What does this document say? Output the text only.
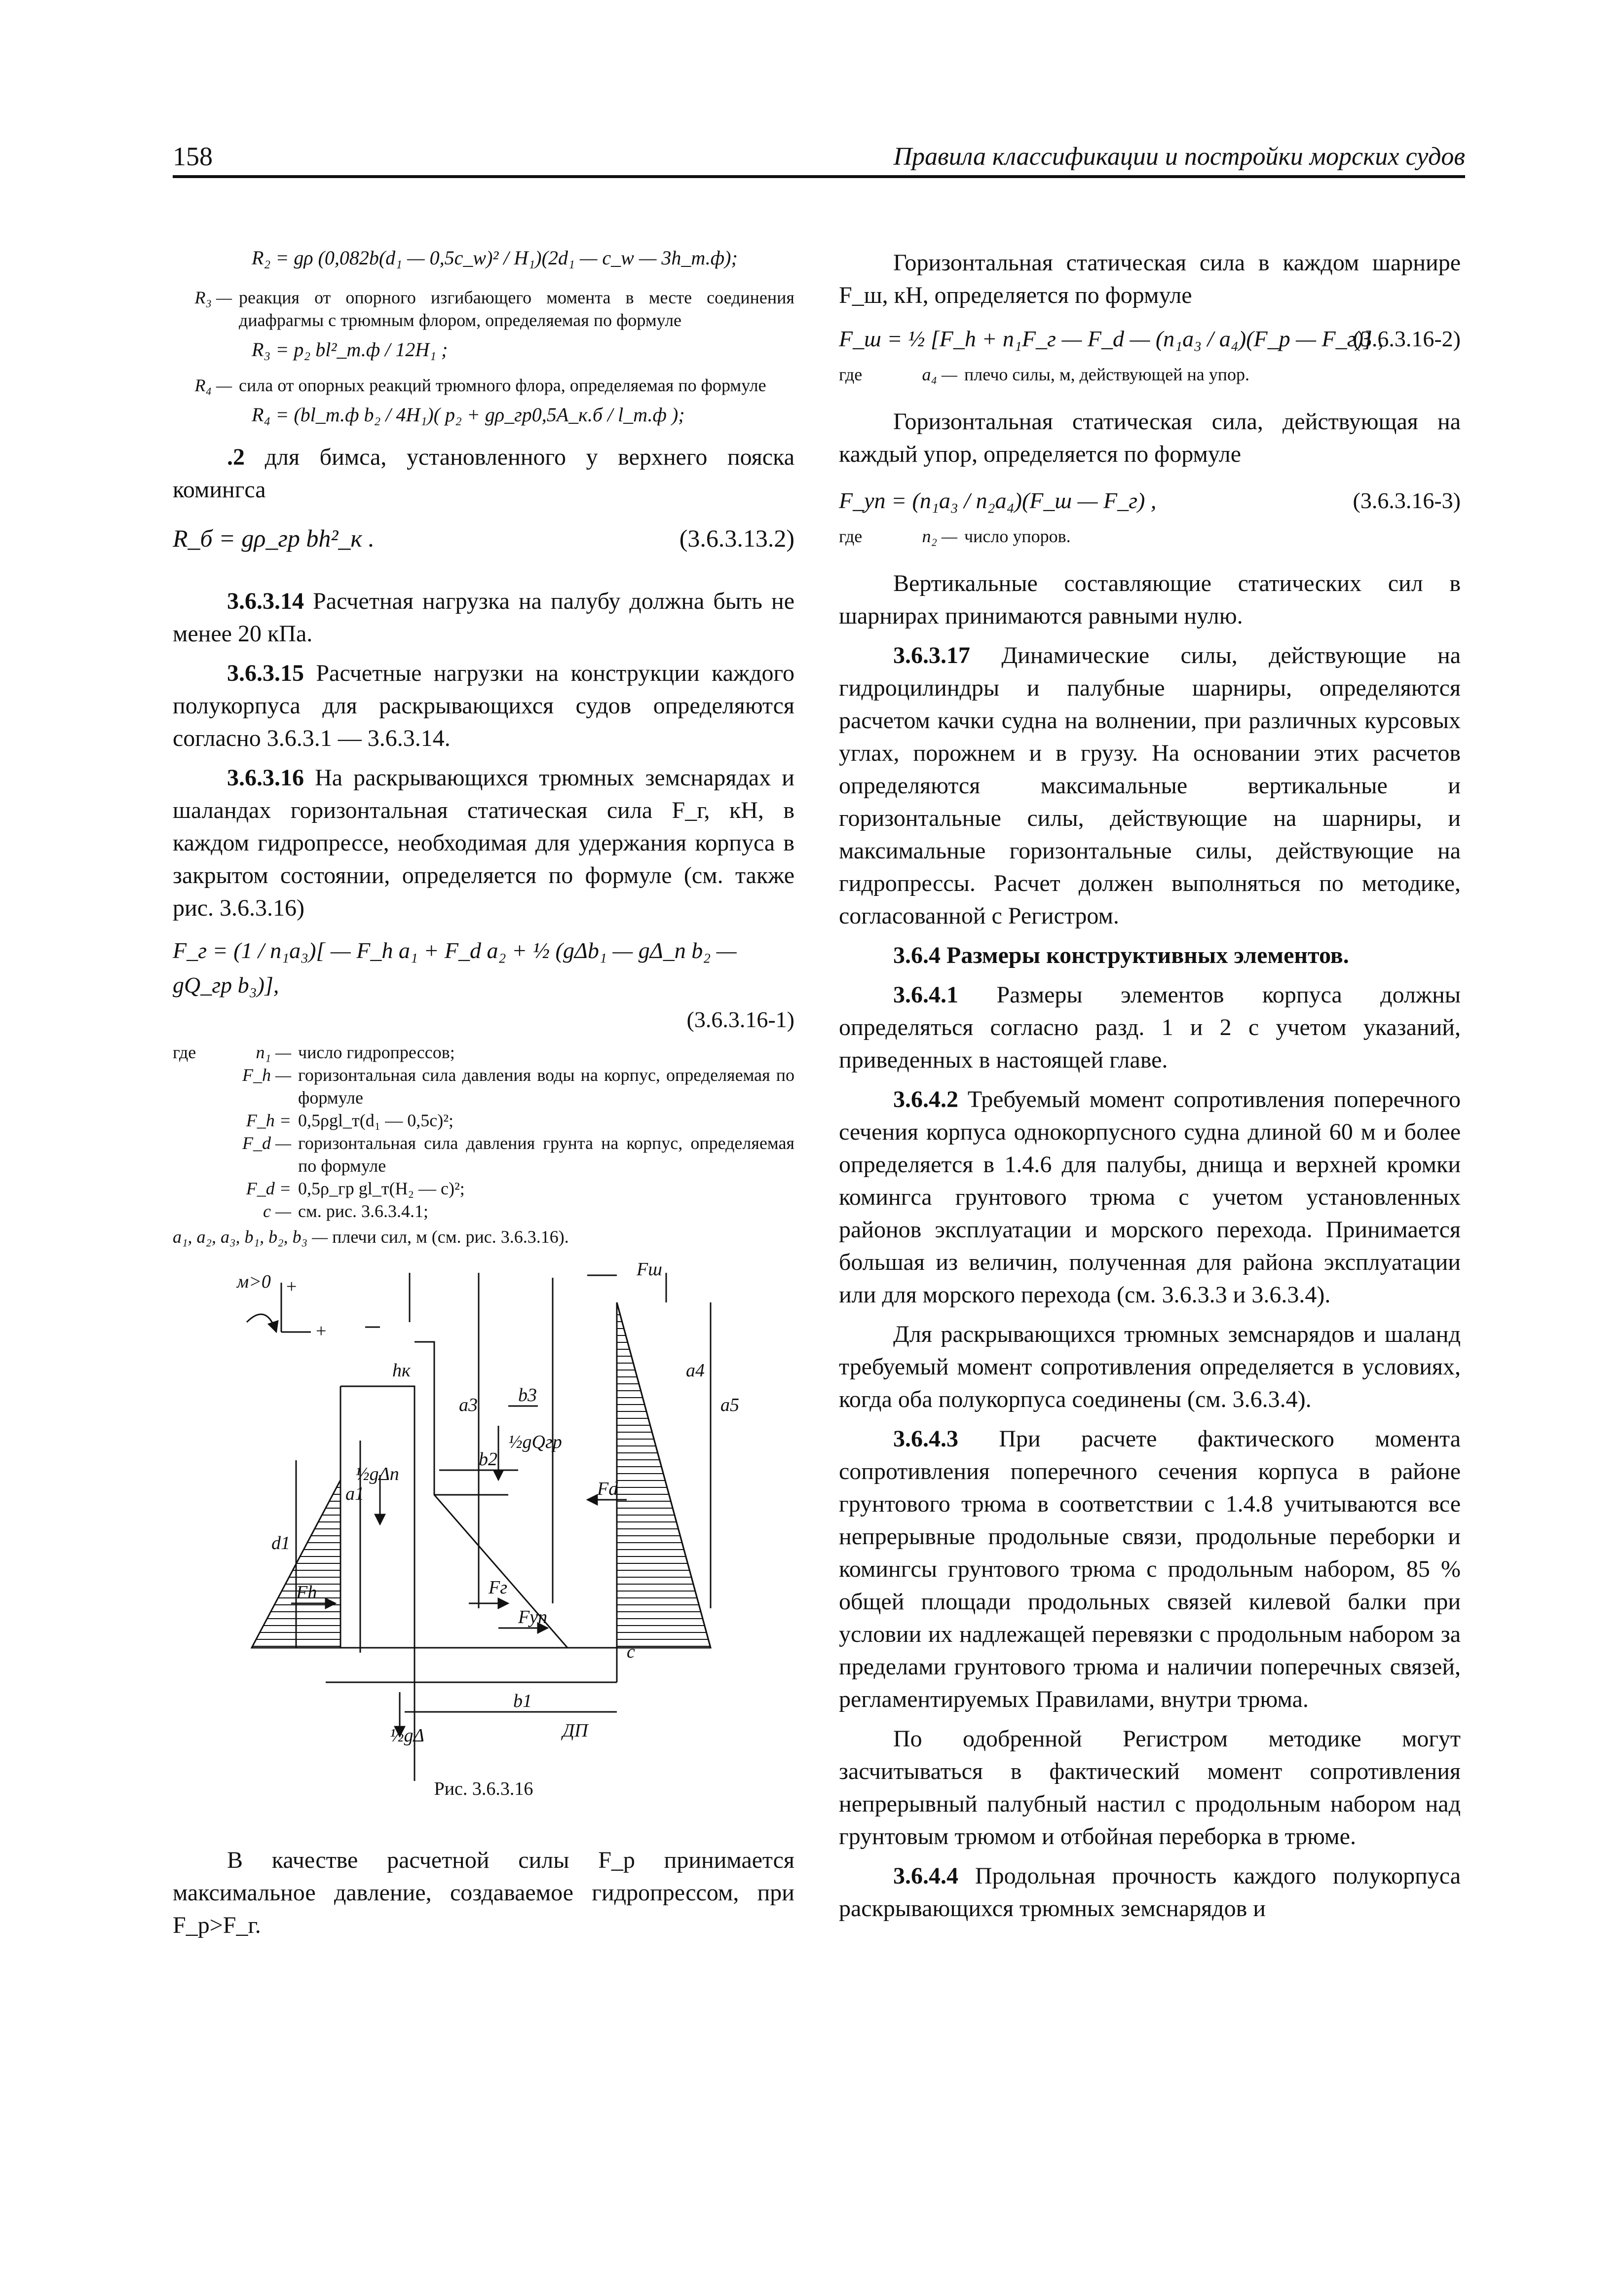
158	Правила классификации и постройки морских судов
R₂ = gρ (0,082b(d₁ — 0,5c_w)² / H₁)(2d₁ — c_w — 3h_т.ф);
R₃ — реакция от опорного изгибающего момента в месте соединения диафрагмы с трюмным флором, определяемая по формуле
R₃ = p₂ bl²_т.ф / 12H₁ ;
R₄ — сила от опорных реакций трюмного флора, определяемая по формуле
R₄ = (bl_т.ф b₂ / 4H₁)( p₂ + gρ_гр0,5A_к.б / l_т.ф );

.2 для бимса, установленного у верхнего пояска комингса

R_б = gρ_гр bh²_к .	(3.6.3.13.2)

3.6.3.14 Расчетная нагрузка на палубу должна быть не менее 20 кПа.

3.6.3.15 Расчетные нагрузки на конструкции каждого полукорпуса для раскрывающихся судов определяются согласно 3.6.3.1 — 3.6.3.14.

3.6.3.16 На раскрывающихся трюмных земснарядах и шаландах горизонтальная статическая сила F_г, кН, в каждом гидропрессе, необходимая для удержания корпуса в закрытом состоянии, определяется по формуле (см. также рис. 3.6.3.16)

F_г = (1 / n₁a₃)[ — F_h a₁ + F_d a₂ + ½ (gΔb₁ — gΔ_n b₂ — gQ_гр b₃)],
(3.6.3.16-1)
где	n₁ — число гидропрессов;
F_h — горизонтальная сила давления воды на корпус, определяемая по формуле
F_h = 0,5ρgl_т(d₁ — 0,5c)²;
F_d — горизонтальная сила давления грунта на корпус, определяемая по формуле
F_d = 0,5ρ_гр gl_т(H₂ — c)²;
c — см. рис. 3.6.3.4.1;
a₁, a₂, a₃, b₁, b₂, b₃ — плечи сил, м (см. рис. 3.6.3.16).
м>0 +
+
Fш
hк
a3
a4
a5
b3
½gQгр
a1
½gΔп
b2
Fd
d1
Fh	Fг
Fуп
c
b1
½gΔ	ДП
Рис. 3.6.3.16

В качестве расчетной силы F_р принимается максимальное давление, создаваемое гидропрессом, при F_р>F_г.

Горизонтальная статическая сила в каждом шарнире F_ш, кН, определяется по формуле

F_ш = ½ [F_h + n₁F_г — F_d — (n₁a₃ / a₄)(F_р — F_г)] ,
(3.6.3.16-2)
где	a₄ — плечо силы, м, действующей на упор.

Горизонтальная статическая сила, действующая на каждый упор, определяется по формуле

F_уп = (n₁a₃ / n₂a₄)(F_ш — F_г) ,	(3.6.3.16-3)
где	n₂ — число упоров.

Вертикальные составляющие статических сил в шарнирах принимаются равными нулю.

3.6.3.17 Динамические силы, действующие на гидроцилиндры и палубные шарниры, определяются расчетом качки судна на волнении, при различных курсовых углах, порожнем и в грузу. На основании этих расчетов определяются максимальные вертикальные и горизонтальные силы, действующие на шарниры, и максимальные горизонтальные силы, действующие на гидропрессы. Расчет должен выполняться по методике, согласованной с Регистром.

3.6.4 Размеры конструктивных элементов.

3.6.4.1 Размеры элементов корпуса должны определяться согласно разд. 1 и 2 с учетом указаний, приведенных в настоящей главе.

3.6.4.2 Требуемый момент сопротивления поперечного сечения корпуса однокорпусного судна длиной 60 м и более определяется в 1.4.6 для палубы, днища и верхней кромки комингса грунтового трюма с учетом установленных районов эксплуатации и морского перехода. Принимается большая из величин, полученная для района эксплуатации или для морского перехода (см. 3.6.3.3 и 3.6.3.4).

Для раскрывающихся трюмных земснарядов и шаланд требуемый момент сопротивления определяется в условиях, когда оба полукорпуса соединены (см. 3.6.3.4).

3.6.4.3 При расчете фактического момента сопротивления поперечного сечения корпуса в районе грунтового трюма в соответствии с 1.4.8 учитываются все непрерывные продольные связи, продольные переборки и комингсы грунтового трюма с продольным набором, 85 % общей площади продольных связей килевой балки при условии их надлежащей перевязки с продольным набором за пределами грунтового трюма и наличии поперечных связей, регламентируемых Правилами, внутри трюма.

По одобренной Регистром методике могут засчитываться в фактический момент сопротивления непрерывный палубный настил с продольным набором над грунтовым трюмом и отбойная переборка в трюме.

3.6.4.4 Продольная прочность каждого полукорпуса раскрывающихся трюмных земснарядов и
